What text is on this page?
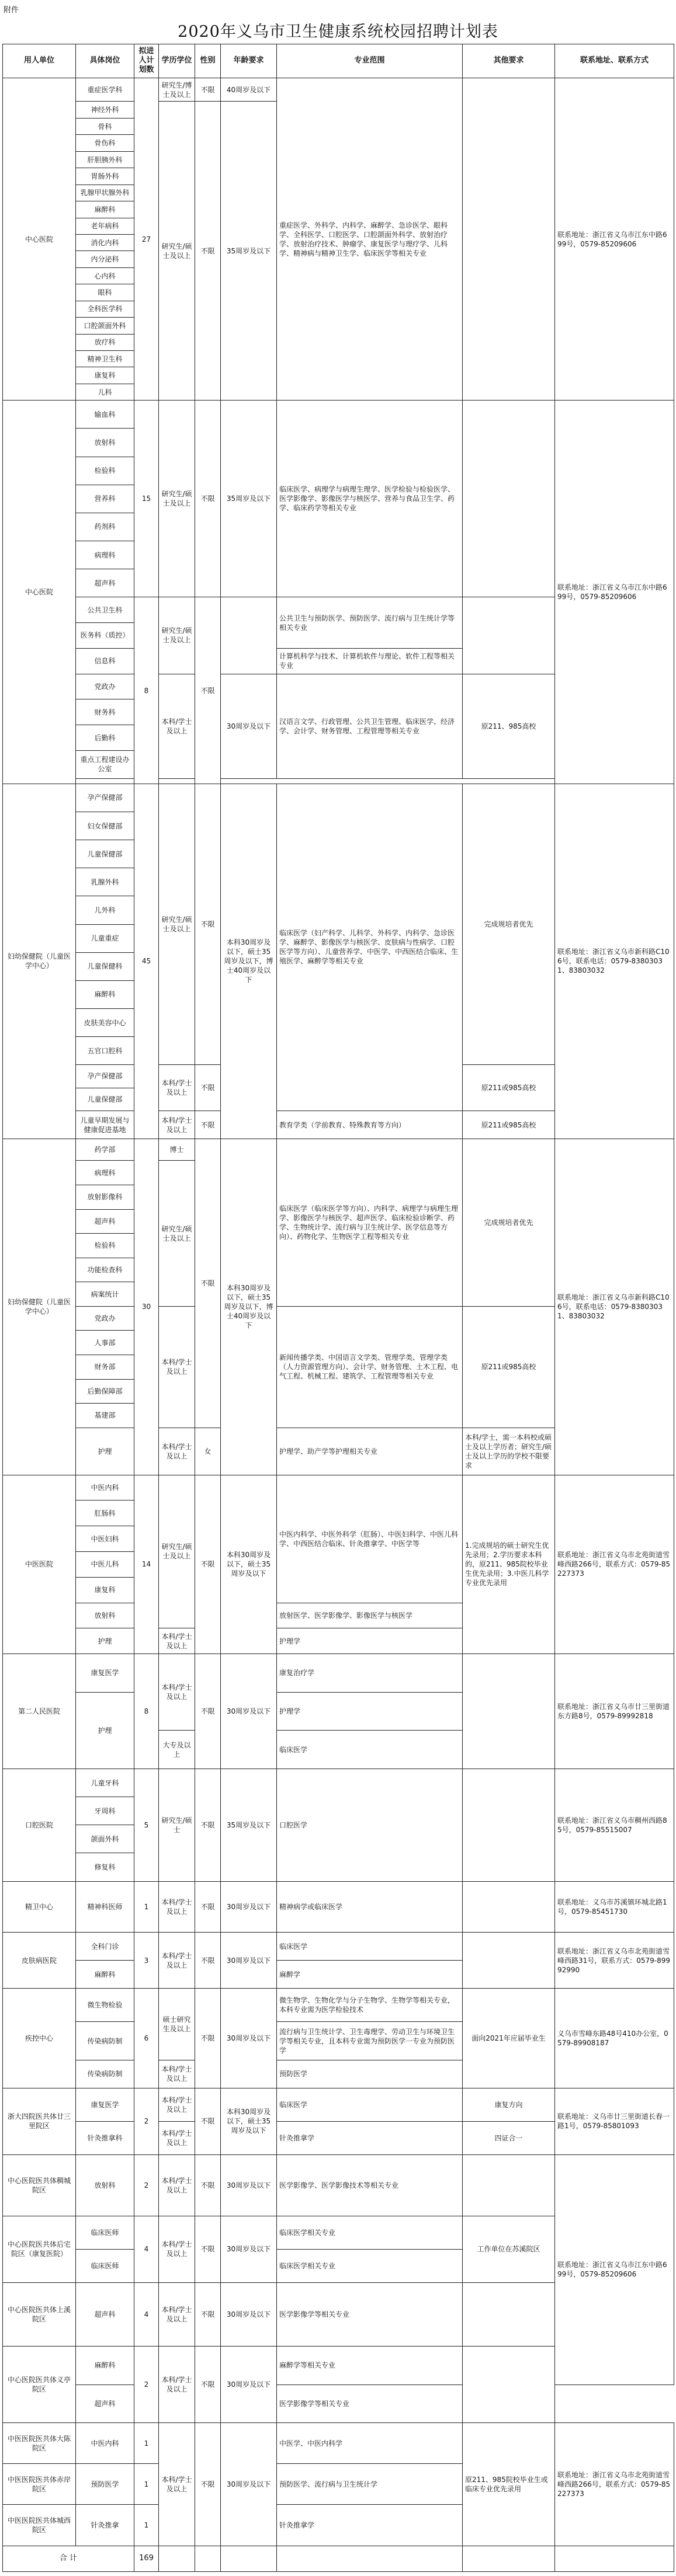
附件
2020年义乌市卫生健康系统校园招聘计划表
用人单位	具体岗位	拟进人计划数	学历学位	性别	年龄要求	专业范围	其他要求	联系地址、联系方式
中心医院	重症医学科	27	研究生/博士及以上	不限	40周岁及以下	重症医学、外科学、内科学、麻醉学、急诊医学、眼科学、全科医学、口腔医学、口腔颌面外科学、放射治疗学、放射治疗技术、肿瘤学、康复医学与理疗学、儿科学、精神病与精神卫生学、临床医学等相关专业		联系地址：浙江省义乌市江东中路699号，0579-85209606
	神经外科		研究生/硕士及以上	不限	35周岁及以下			
	骨科							
	骨伤科							
	肝胆胰外科							
	胃肠外科							
	乳腺甲状腺外科							
	麻醉科							
	老年病科							
	消化内科							
	内分泌科							
	心内科							
	眼科							
	全科医学科							
	口腔颌面外科							
	放疗科							
	精神卫生科							
	康复科							
	儿科							
中心医院	输血科	15	研究生/硕士及以上	不限	35周岁及以下	临床医学、病理学与病理生理学、医学检验与检验医学、医学影像学、影像医学与核医学、营养与食品卫生学、药学、临床药学等相关专业		联系地址：浙江省义乌市江东中路699号，0579-85209606
	放射科							
	检验科							
	营养科							
	药剂科							
	病理科							
	超声科							
	公共卫生科	8	研究生/硕士及以上	不限		公共卫生与预防医学、预防医学、流行病与卫生统计学等相关专业		
	医务科（质控）							
	信息科					计算机科学与技术、计算机软件与理论、软件工程等相关专业		
	党政办		本科/学士及以上		30周岁及以下	汉语言文学、行政管理、公共卫生管理、临床医学、经济学、会计学、财务管理、工程管理等相关专业	原211、985高校	
	财务科							
	后勤科							
	重点工程建设办公室							

妇幼保健院（儿童医学中心）	孕产保健部	45	研究生/硕士及以上	不限	本科30周岁及以下，硕士35周岁及以下，博士40周岁及以下	临床医学（妇产科学、儿科学、外科学、内科学、急诊医学、麻醉学、影像医学与核医学、皮肤病与性病学、口腔医学等方向）、儿童营养学、中医学、中西医结合临床、生殖医学、麻醉学等相关专业	完成规培者优先	联系地址：浙江省义乌市新科路C106号，联系电话：0579-83803031、83803032
	妇女保健部							
	儿童保健部							
	乳腺外科							
	儿外科							
	儿童重症							
	儿童保健科							
	麻醉科							
	皮肤美容中心							
	五官口腔科							
	孕产保健部		本科/学士及以上	不限			原211或985高校	
	儿童保健部							
	儿童早期发展与健康促进基地		本科/学士及以上	不限		教育学类（学前教育、特殊教育等方向）	原211或985高校	
妇幼保健院（儿童医学中心）	药学部	30	博士	不限	本科30周岁及以下，硕士35周岁及以下，博士40周岁及以下	临床医学（临床医学等方向）、内科学、病理学与病理生理学、影像医学与核医学、超声医学、临床检验诊断学、药学、生物统计学、流行病与卫生统计学、医学信息等方向）、药物化学、生物医学工程等相关专业	完成规培者优先	联系地址：浙江省义乌市新科路C106号，联系电话：0579-83803031、83803032
	病理科		研究生/硕士及以上					
	放射影像科							
	超声科							
	检验科							
	功能检查科							
	病案统计							
	党政办		本科/学士及以上			新闻传播学类、中国语言文学类、管理学类、管理学类（人力资源管理方向）、会计学、财务管理、土木工程、电气工程、机械工程、建筑学、工程管理等相关专业	原211或985高校	
	人事部							
	财务部							
	后勤保障部							
	基建部							
	护理		本科/学士及以上	女		护理学、助产学等护理相关专业	本科/学士，需一本科校或硕士及以上学历者；研究生/硕士及以上学历的学校不限要求	
中医医院	中医内科	14	研究生/硕士及以上	不限	本科30周岁及以下，硕士35周岁及以下	中医内科学、中医外科学（肛肠）、中医妇科学、中医儿科学、中西医结合临床、针灸推拿学、中医学等	1.完成规培的硕士研究生优先录用；2.学历要求本科的，原211、985院校毕业生优先录用；3.中医儿科学专业优先录用	联系地址：浙江省义乌市北苑街道雪峰西路266号，联系方式：0579-85227373
	肛肠科							
	中医妇科							
	中医儿科							
	康复科							
	放射科					放射医学、医学影像学、影像医学与核医学		
	护理		本科/学士及以上			护理学		
第二人民医院	康复医学	8	本科/学士及以上	不限	30周岁及以下	康复治疗学		联系地址：浙江省义乌市廿三里街道东方路8号，0579-89992818
	护理					护理学		
			大专及以上			临床医学		
口腔医院	儿童牙科	5	研究生/硕士	不限	35周岁及以下	口腔医学		联系地址：浙江省义乌市稠州西路85号，0579-85515007
	牙周科							
	颌面外科							
	修复科							
精卫中心	精神科医师	1	本科/学士及以上	不限	30周岁及以下	精神病学或临床医学		联系地址：义乌市苏溪镇环城北路1号，0579-85451730
皮肤病医院	全科门诊	3	本科/学士及以上	不限	30周岁及以下	临床医学		联系地址：浙江省义乌市北苑街道雪峰西路31号，联系方式：0579-89992990
	麻醉科					麻醉学		
疾控中心	微生物检验	6	硕士研究生及以上	不限	30周岁及以下	微生物学、生物化学与分子生物学、生物学等相关专业，本科专业需为医学检验技术	面向2021年应届毕业生	义乌市雪峰东路48号410办公室，0579-89908187
	传染病防制					流行病与卫生统计学、卫生毒理学、劳动卫生与环境卫生学等相关专业，且本科专业需为预防医学一专业为预防医学		
	传染病防制		本科/学士及以上			预防医学		
浙大四院医共体廿三里院区	康复医学	2	本科/学士及以上	不限	本科30周岁及以下，硕士35周岁及以下	临床医学	康复方向	联系地址：义乌市廿三里街道长春一路1号，0579-85801093
	针灸推拿科		本科/学士及以上			针灸推拿学	四证合一	
中心医院医共体稠城院区	放射科	2	本科/学士及以上	不限	30周岁及以下	医学影像学、医学影像技术等相关专业		联系地址：浙江省义乌市江东中路699号，0579-85209606
中心医院医共体后宅院区（康复医院）	临床医师	4	本科/学士及以上	不限	30周岁及以下	临床医学相关专业	工作单位在苏溪院区	
	临床医师					临床医学相关专业		
中心医院医共体上溪院区	超声科	4	本科/学士及以上	不限	30周岁及以下	医学影像学等相关专业		
中心医院医共体义亭院区	麻醉科	2	本科/学士及以上	不限	30周岁及以下	麻醉学等相关专业	
	超声科					医学影像学等相关专业		
中医医院医共体大陈院区	中医内科	1	本科/学士及以上	不限	30周岁及以下	中医学、中医内科学	原211、985院校毕业生或临床专业优先录用	联系地址：浙江省义乌市北苑街道雪峰西路266号，联系方式：0579-85227373
中医医院医共体赤岸院区	预防医学	1				预防医学、流行病与卫生统计学		
中医医院医共体城西院区	针灸推拿	1				针灸推拿学		
合 计		169						
